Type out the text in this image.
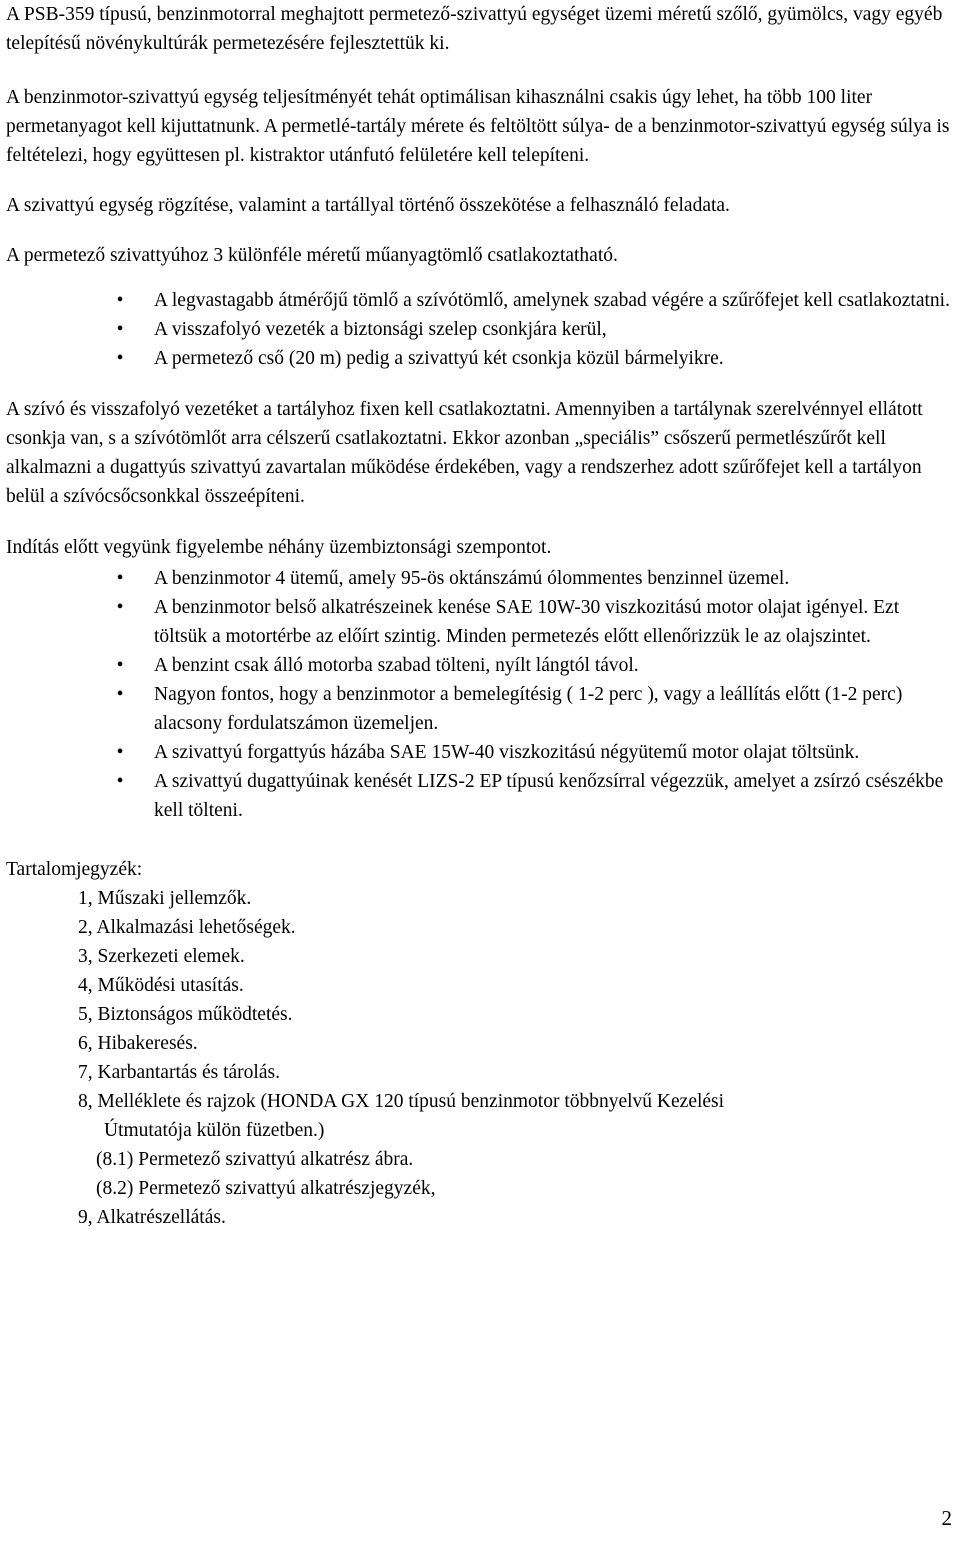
A PSB-359 típusú, benzinmotorral meghajtott permetező-szivattyú egységet üzemi méretű szőlő, gyümölcs, vagy egyéb telepítésű növénykultúrák permetezésére fejlesztettük ki.

A benzinmotor-szivattyú egység teljesítményét tehát optimálisan kihasználni csakis úgy lehet, ha több 100 liter permetanyagot kell kijuttatnunk. A permetlé-tartály mérete és feltöltött súlya- de a benzinmotor-szivattyú egység súlya is feltételezi, hogy együttesen pl. kistraktor utánfutó felületére kell telepíteni.

A szivattyú egység rögzítése, valamint a tartállyal történő összekötése a felhasználó feladata.

A permetező szivattyúhoz 3 különféle méretű műanyagtömlő csatlakoztatható.

• A legvastagabb átmérőjű tömlő a szívótömlő, amelynek szabad végére a szűrőfejet kell csatlakoztatni.
• A visszafolyó vezeték a biztonsági szelep csonkjára kerül,
• A permetező cső (20 m) pedig a szivattyú két csonkja közül bármelyikre.

A szívó és visszafolyó vezetéket a tartályhoz fixen kell csatlakoztatni. Amennyiben a tartálynak szerelvénnyel ellátott csonkja van, s a szívótömlőt arra célszerű csatlakoztatni. Ekkor azonban „speciális” csőszerű permetlészűrőt kell alkalmazni a dugattyús szivattyú zavartalan működése érdekében, vagy a rendszerhez adott szűrőfejet kell a tartályon belül a szívócsőcsonkkal összeépíteni.

Indítás előtt vegyünk figyelembe néhány üzembiztonsági szempontot.

• A benzinmotor 4 ütemű, amely 95-ös oktánszámú ólommentes benzinnel üzemel.
• A benzinmotor belső alkatrészeinek kenése SAE 10W-30 viszkozitású motor olajat igényel. Ezt töltsük a motortérbe az előírt szintig. Minden permetezés előtt ellenőrizzük le az olajszintet.
• A benzint csak álló motorba szabad tölteni, nyílt lángtól távol.
• Nagyon fontos, hogy a benzinmotor a bemelegítésig ( 1-2 perc ), vagy a leállítás előtt (1-2 perc) alacsony fordulatszámon üzemeljen.
• A szivattyú forgattyús házába SAE 15W-40 viszkozitású négyütemű motor olajat töltsünk.
• A szivattyú dugattyúinak kenését LIZS-2 EP típusú kenőzsírral végezzük, amelyet a zsírzó csészékbe kell tölteni.

Tartalomjegyzék:

1, Műszaki jellemzők.
2, Alkalmazási lehetőségek.
3, Szerkezeti elemek.
4, Működési utasítás.
5, Biztonságos működtetés.
6, Hibakeresés.
7, Karbantartás és tárolás.
8, Melléklete és rajzok (HONDA GX 120 típusú benzinmotor többnyelvű Kezelési
Útmutatója külön füzetben.)
(8.1) Permetező szivattyú alkatrész ábra.
(8.2) Permetező szivattyú alkatrészjegyzék,
9, Alkatrészellátás.
2
